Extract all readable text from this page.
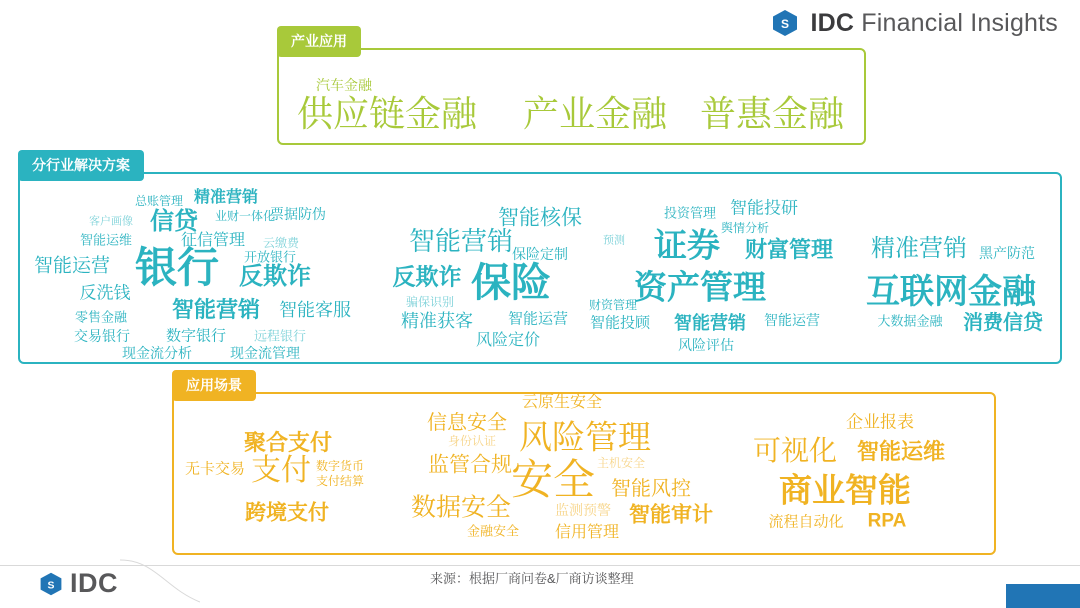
S IDC Financial Insights
产业应用
分行业解决方案
应用场景
汽车金融
供应链金融 产业金融 普惠金融
总账管理 精准营销
客户画像 信贷 业财一体化
票据防伪
智能运维	征信管理 云缴费
开放银行
智能运营 银行 反欺诈
反洗钱
智能营销 智能客服
零售金融
交易银行 数字银行 远程银行
现金流分析	现金流管理
智能核保
智能营销
保险定制
反欺诈 保险
骗保识别
精准获客 智能运营
风险定价
投资管理 智能投研
舆情分析
预测 证券 财富管理
资产管理
财资管理
智能投顾 智能营销 智能运营
风险评估
精准营销 黑产防范
互联网金融
大数据金融 消费信贷
云原生安全
信息安全	企业报表
身份认证 风险管理
聚合支付	可视化 智能运维
监管合规	主机安全
无卡交易 支付 数字货币
支付结算	安全 智能风控	商业智能
数据安全	监测预警 智能审计
跨境支付	流程自动化 RPA
金融安全 信用管理
S IDC	来源：根据厂商问卷&厂商访谈整理
